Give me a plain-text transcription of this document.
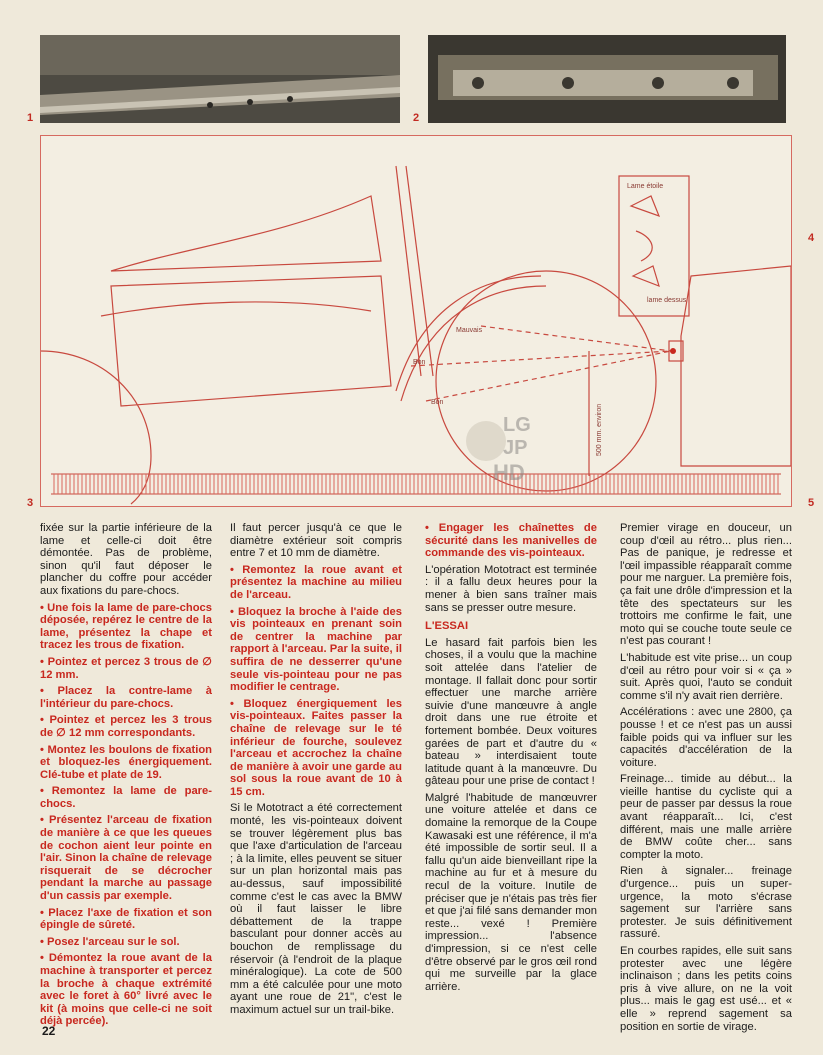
1	2
Lame étoile
lame dessus
Mauvais
Bon
Bon
500 mm. environ
LG
JP
HD
3
4
5

fixée sur la partie inférieure de la lame et celle-ci doit être démontée. Pas de problème, sinon qu'il faut déposer le plancher du coffre pour accéder aux fixations du pare-chocs.

• Une fois la lame de pare-chocs déposée, repérez le centre de la lame, présentez la chape et tracez les trous de fixation.

• Pointez et percez 3 trous de ∅ 12 mm.

• Placez la contre-lame à l'intérieur du pare-chocs.

• Pointez et percez les 3 trous de ∅ 12 mm correspondants.

• Montez les boulons de fixation et bloquez-les énergiquement. Clé-tube et plate de 19.

• Remontez la lame de pare-chocs.

• Présentez l'arceau de fixation de manière à ce que les queues de cochon aient leur pointe en l'air. Sinon la chaîne de relevage risquerait de se décrocher pendant la marche au passage d'un cassis par exemple.

• Placez l'axe de fixation et son épingle de sûreté.

• Posez l'arceau sur le sol.

• Démontez la roue avant de la machine à transporter et percez la broche à chaque extrémité avec le foret à 60° livré avec le kit (à moins que celle-ci ne soit déjà percée).

Il faut percer jusqu'à ce que le diamètre extérieur soit compris entre 7 et 10 mm de diamètre.

• Remontez la roue avant et présentez la machine au milieu de l'arceau.

• Bloquez la broche à l'aide des vis pointeaux en prenant soin de centrer la machine par rapport à l'arceau. Par la suite, il suffira de ne desserrer qu'une seule vis-pointeau pour ne pas modifier le centrage.

• Bloquez énergiquement les vis-pointeaux. Faites passer la chaîne de relevage sur le té inférieur de fourche, soulevez l'arceau et accrochez la chaîne de manière à avoir une garde au sol sous la roue avant de 10 à 15 cm.

Si le Mototract a été correctement monté, les vis-pointeaux doivent se trouver légèrement plus bas que l'axe d'articulation de l'arceau ; à la limite, elles peuvent se situer sur un plan horizontal mais pas au-dessus, sauf impossibilité comme c'est le cas avec la BMW où il faut laisser le libre débattement de la trappe basculant pour donner accès au bouchon de remplissage du réservoir (à l'endroit de la plaque minéralogique). La cote de 500 mm a été calculée pour une moto ayant une roue de 21", c'est le maximum actuel sur un trail-bike.

• Engager les chaînettes de sécurité dans les manivelles de commande des vis-pointeaux.

L'opération Mototract est terminée : il a fallu deux heures pour la mener à bien sans traîner mais sans se presser outre mesure.

L'ESSAI

Le hasard fait parfois bien les choses, il a voulu que la machine soit attelée dans l'atelier de montage. Il fallait donc pour sortir effectuer une marche arrière suivie d'une manœuvre à angle droit dans une rue étroite et fortement bombée. Deux voitures garées de part et d'autre du « bateau » interdisaient toute latitude quant à la manœuvre. Du gâteau pour une prise de contact !

Malgré l'habitude de manœuvrer une voiture attelée et dans ce domaine la remorque de la Coupe Kawasaki est une référence, il m'a été impossible de sortir seul. Il a fallu qu'un aide bienveillant ripe la machine au fur et à mesure du recul de la voiture. Inutile de préciser que je n'étais pas très fier et que j'ai filé sans demander mon reste... vexé ! Première impression... l'absence d'impression, si ce n'est celle d'être observé par le gros œil rond qui me surveille par la glace arrière.

Premier virage en douceur, un coup d'œil au rétro... plus rien... Pas de panique, je redresse et l'œil impassible réapparaît comme pour me narguer. La première fois, ça fait une drôle d'impression et la tête des spectateurs sur les trottoirs me confirme le fait, une moto qui se couche toute seule ce n'est pas courant !

L'habitude est vite prise... un coup d'œil au rétro pour voir si « ça » suit. Après quoi, l'auto se conduit comme s'il n'y avait rien derrière.

Accélérations : avec une 2800, ça pousse ! et ce n'est pas un aussi faible poids qui va influer sur les capacités d'accélération de la voiture.

Freinage... timide au début... la vieille hantise du cycliste qui a peur de passer par dessus la roue avant réapparaît... Ici, c'est différent, mais une malle arrière de BMW coûte cher... sans compter la moto.

Rien à signaler... freinage d'urgence... puis un super-urgence, la moto s'écrase sagement sur l'arrière sans protester. Je suis définitivement rassuré.

En courbes rapides, elle suit sans protester avec une légère inclinaison ; dans les petits coins pris à vive allure, on ne la voit plus... mais le gag est usé... et « elle » reprend sagement sa position en sortie de virage.

22
